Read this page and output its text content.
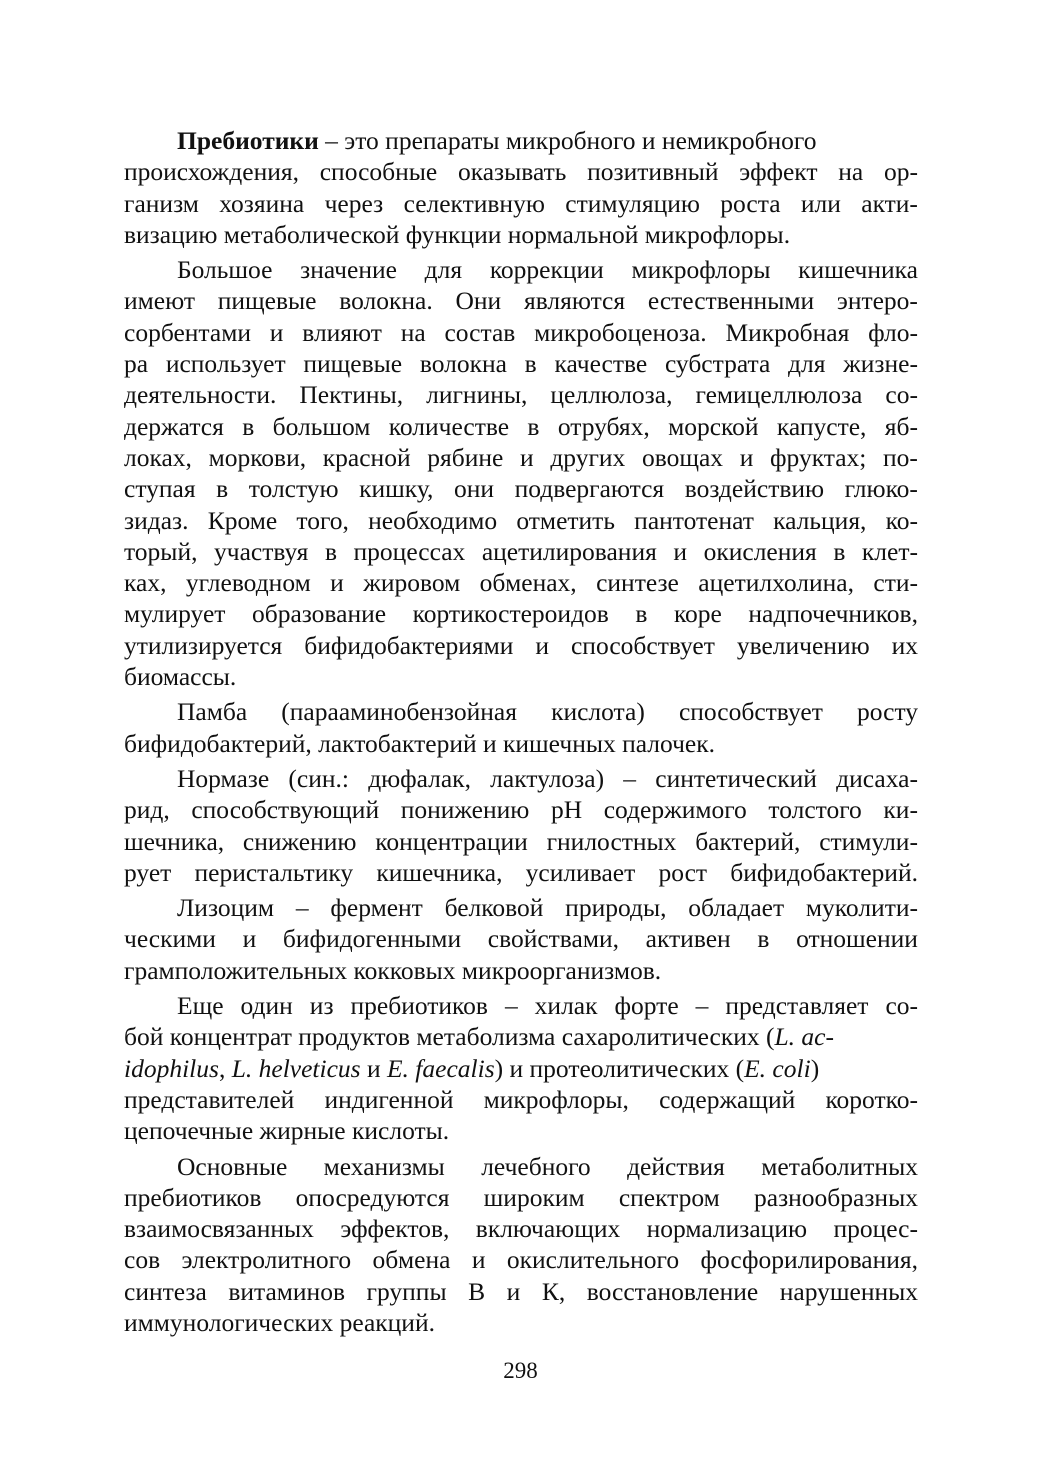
Пребиотики – это препараты микробного и немикробного
происхождения, способные оказывать позитивный эффект на ор-
ганизм хозяина через селективную стимуляцию роста или акти-
визацию метаболической функции нормальной микрофлоры.
Большое значение для коррекции микрофлоры кишечника
имеют пищевые волокна. Они являются естественными энтеро-
сорбентами и влияют на состав микробоценоза. Микробная фло-
ра использует пищевые волокна в качестве субстрата для жизне-
деятельности. Пектины, лигнины, целлюлоза, гемицеллюлоза со-
держатся в большом количестве в отрубях, морской капусте, яб-
локах, моркови, красной рябине и других овощах и фруктах; по-
ступая в толстую кишку, они подвергаются воздействию глюко-
зидаз. Кроме того, необходимо отметить пантотенат кальция, ко-
торый, участвуя в процессах ацетилирования и окисления в клет-
ках, углеводном и жировом обменах, синтезе ацетилхолина, сти-
мулирует образование кортикостероидов в коре надпочечников,
утилизируется бифидобактериями и способствует увеличению их
биомассы.
Памба (парааминобензойная кислота) способствует росту
бифидобактерий, лактобактерий и кишечных палочек.
Нормазе (син.: дюфалак, лактулоза) – синтетический дисаха-
рид, способствующий понижению рН содержимого толстого ки-
шечника, снижению концентрации гнилостных бактерий, стимули-
рует перистальтику кишечника, усиливает рост бифидобактерий.
Лизоцим – фермент белковой природы, обладает муколити-
ческими и бифидогенными свойствами, активен в отношении
грамположительных кокковых микроорганизмов.
Еще один из пребиотиков – хилак форте – представляет со-
бой концентрат продуктов метаболизма сахаролитических (L. ac-
idophilus, L. helveticus и E. faecalis) и протеолитических (E. coli)
представителей индигенной микрофлоры, содержащий коротко-
цепочечные жирные кислоты.
Основные механизмы лечебного действия метаболитных
пребиотиков опосредуются широким спектром разнообразных
взаимосвязанных эффектов, включающих нормализацию процес-
сов электролитного обмена и окислительного фосфорилирования,
синтеза витаминов группы В и К, восстановление нарушенных
иммунологических реакций.
298
